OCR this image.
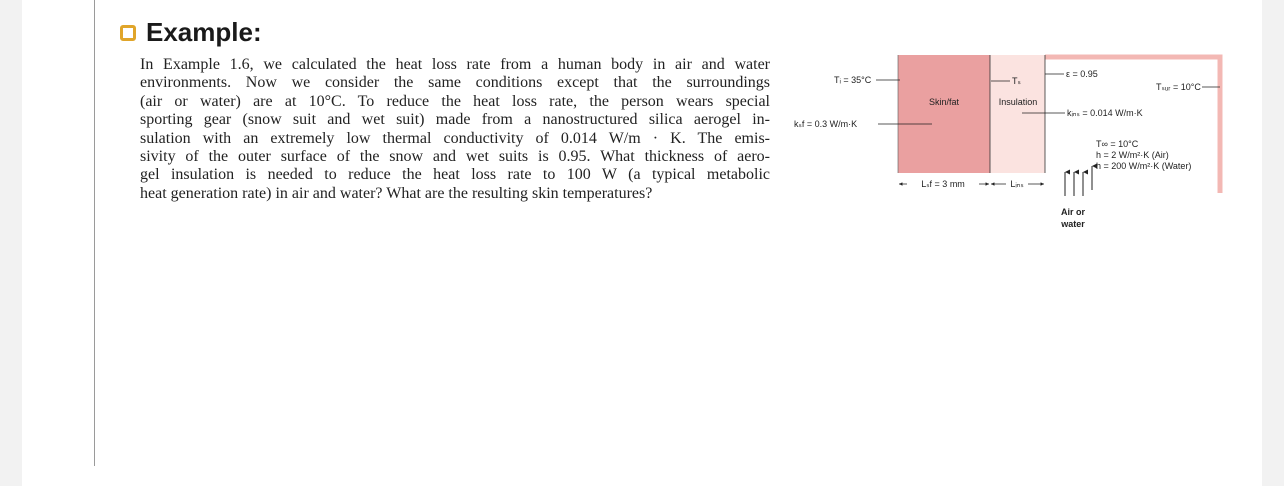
Example:
In Example 1.6, we calculated the heat loss rate from a human body in air and water
environments. Now we consider the same conditions except that the surroundings
(air or water) are at 10°C. To reduce the heat loss rate, the person wears special
sporting gear (snow suit and wet suit) made from a nanostructured silica aerogel in-
sulation with an extremely low thermal conductivity of 0.014 W/m · K. The emis-
sivity of the outer surface of the snow and wet suits is 0.95. What thickness of aero-
gel insulation is needed to reduce the heat loss rate to 100 W (a typical metabolic
heat generation rate) in air and water? What are the resulting skin temperatures?
Skin/fat
Tₛ
Insulation
Tᵢ = 35°C
kₛf = 0.3 W/m·K
ε = 0.95
Tₛᵤᵣ = 10°C
kᵢₙₛ = 0.014 W/m·K
T∞ = 10°C
h = 2 W/m²·K (Air)
h = 200 W/m²·K (Water)
Lₛf = 3 mm	Lᵢₙₛ
Air or
water
